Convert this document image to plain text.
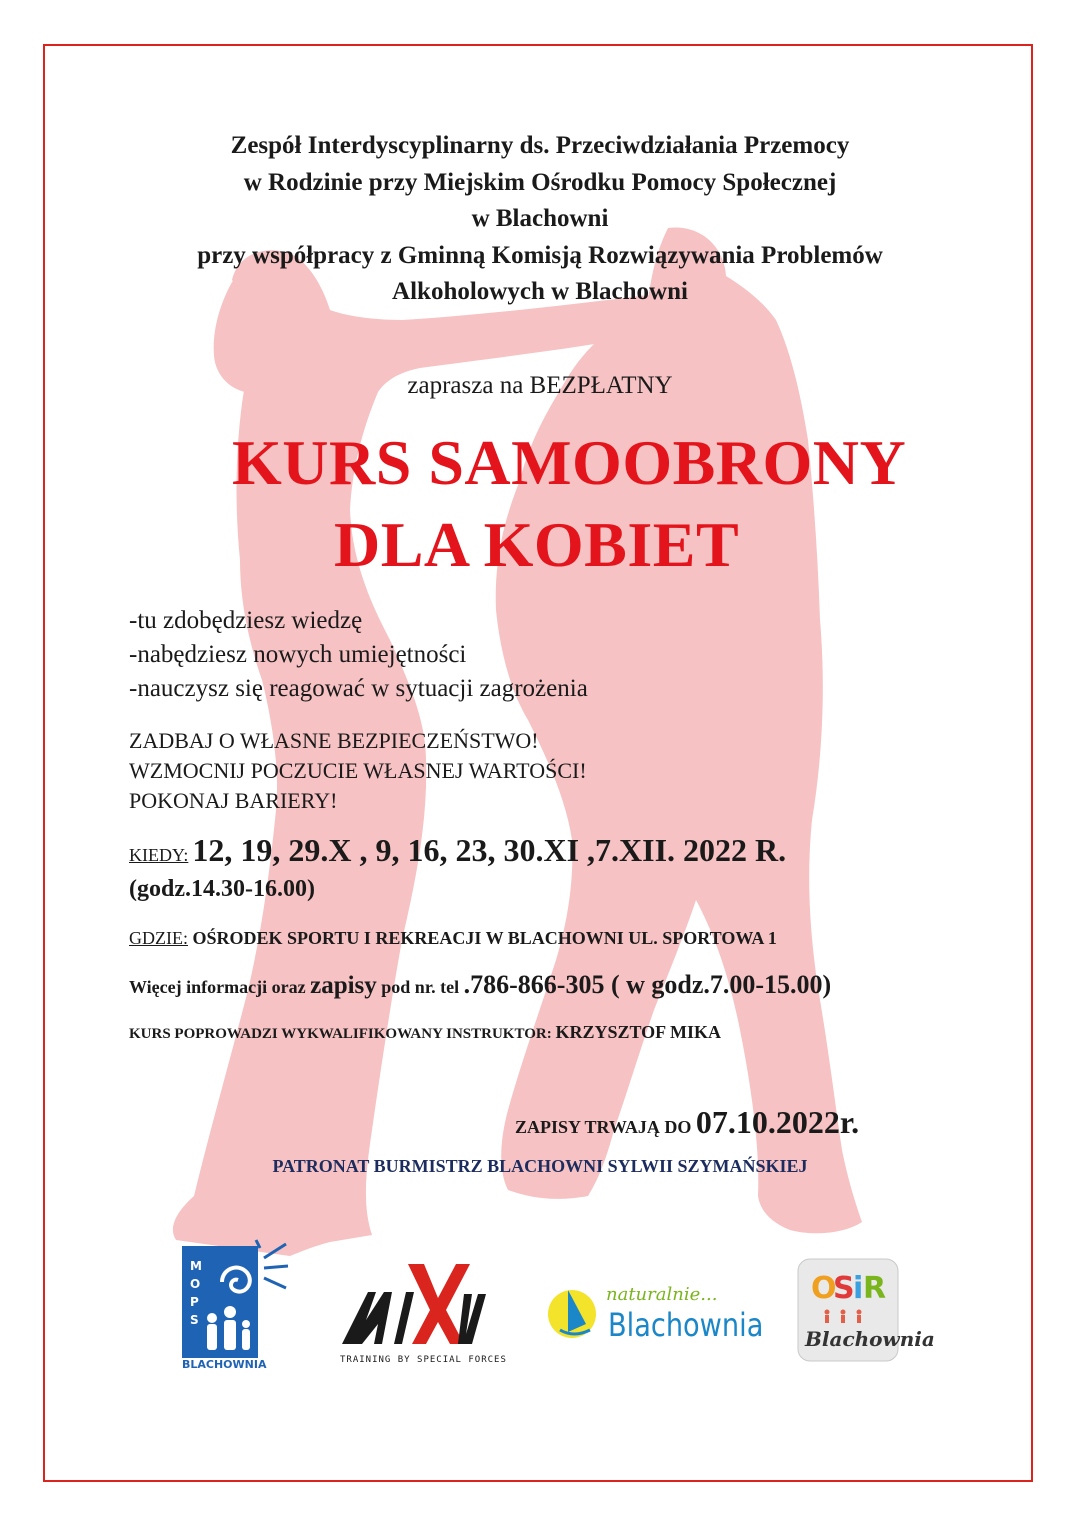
Zespół Interdyscyplinarny ds. Przeciwdziałania Przemocy
w Rodzinie przy Miejskim Ośrodku Pomocy Społecznej
w Blachowni
przy współpracy z Gminną Komisją Rozwiązywania Problemów
Alkoholowych w Blachowni
zaprasza na BEZPŁATNY
KURS SAMOOBRONY
DLA KOBIET
-tu zdobędziesz wiedzę
-nabędziesz nowych umiejętności
-nauczysz się reagować w sytuacji zagrożenia
ZADBAJ O WŁASNE BEZPIECZEŃSTWO!
WZMOCNIJ POCZUCIE WŁASNEJ WARTOŚCI!
POKONAJ BARIERY!
KIEDY: 12, 19, 29.X , 9, 16, 23, 30.XI ,7.XII. 2022 R.
(godz.14.30-16.00)
GDZIE: OŚRODEK SPORTU I REKREACJI W BLACHOWNI UL. SPORTOWA 1
Więcej informacji oraz zapisy pod nr. tel .786-866-305 ( w godz.7.00-15.00)
KURS POPROWADZI WYKWALIFIKOWANY INSTRUKTOR: KRZYSZTOF MIKA
ZAPISY TRWAJĄ DO 07.10.2022r.
PATRONAT BURMISTRZ BLACHOWNI SYLWII SZYMAŃSKIEJ
M
O
P
S
BLACHOWNIA	TRAINING BY SPECIAL FORCES
naturalnie...
Blachownia
O
S
i R
Blachownia
